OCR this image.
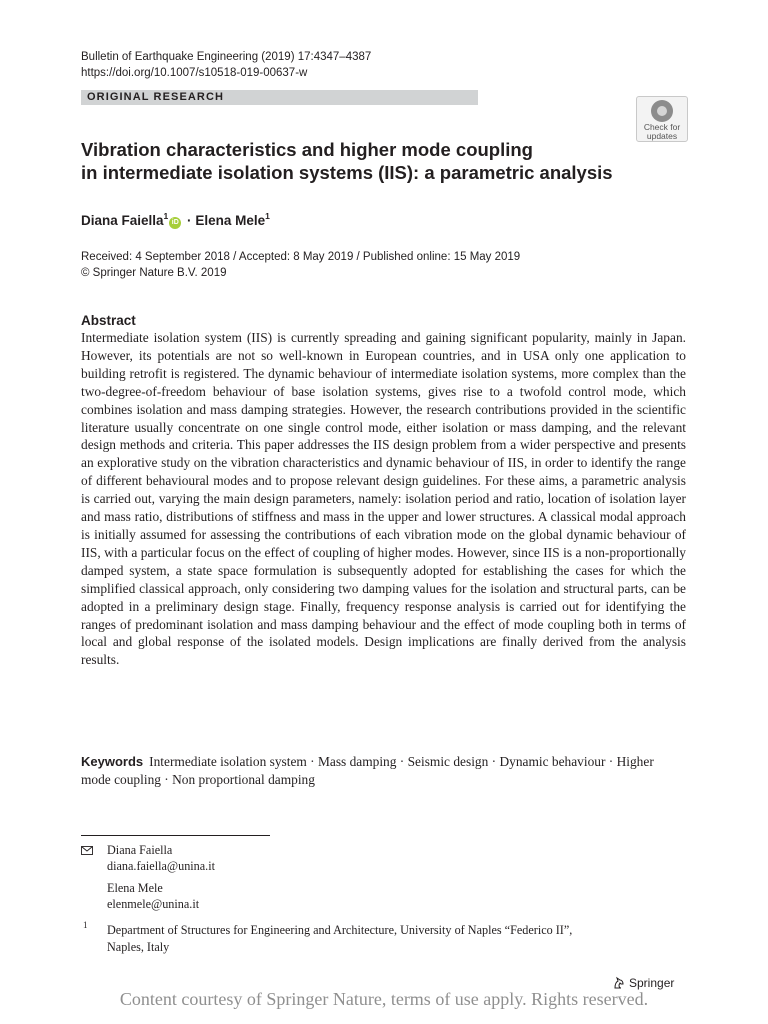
Bulletin of Earthquake Engineering (2019) 17:4347–4387
https://doi.org/10.1007/s10518-019-00637-w
ORIGINAL RESEARCH
Check for
updates
Vibration characteristics and higher mode coupling
in intermediate isolation systems (IIS): a parametric analysis
Diana Faiella$^1$iD · Elena Mele$^1$
Received: 4 September 2018 / Accepted: 8 May 2019 / Published online: 15 May 2019
© Springer Nature B.V. 2019
Abstract
Intermediate isolation system (IIS) is currently spreading and gaining significant popularity, mainly in Japan. However, its potentials are not so well-known in European countries, and in USA only one application to building retrofit is registered. The dynamic behaviour of intermediate isolation systems, more complex than the two-degree-of-freedom behaviour of base isolation systems, gives rise to a twofold control mode, which combines isolation and mass damping strategies. However, the research contributions provided in the scientific literature usually concentrate on one single control mode, either isolation or mass damping, and the relevant design methods and criteria. This paper addresses the IIS design problem from a wider perspective and presents an explorative study on the vibration characteristics and dynamic behaviour of IIS, in order to identify the range of different behavioural modes and to propose relevant design guidelines. For these aims, a parametric analysis is carried out, varying the main design parameters, namely: isolation period and ratio, location of isolation layer and mass ratio, distributions of stiffness and mass in the upper and lower structures. A classical modal approach is initially assumed for assessing the contributions of each vibration mode on the global dynamic behaviour of IIS, with a particular focus on the effect of coupling of higher modes. However, since IIS is a non-proportionally damped system, a state space formulation is subsequently adopted for establishing the cases for which the simplified classical approach, only considering two damping values for the isolation and structural parts, can be adopted in a preliminary design stage. Finally, frequency response analysis is carried out for identifying the ranges of predominant isolation and mass damping behaviour and the effect of mode coupling both in terms of local and global response of the isolated models. Design implications are finally derived from the analysis results.
Keywords Intermediate isolation system · Mass damping · Seismic design · Dynamic behaviour · Higher mode coupling · Non proportional damping
Diana Faiella
diana.faiella@unina.it
Elena Mele
elenmele@unina.it
1 Department of Structures for Engineering and Architecture, University of Naples “Federico II”,
Naples, Italy
Springer
Content courtesy of Springer Nature, terms of use apply. Rights reserved.
